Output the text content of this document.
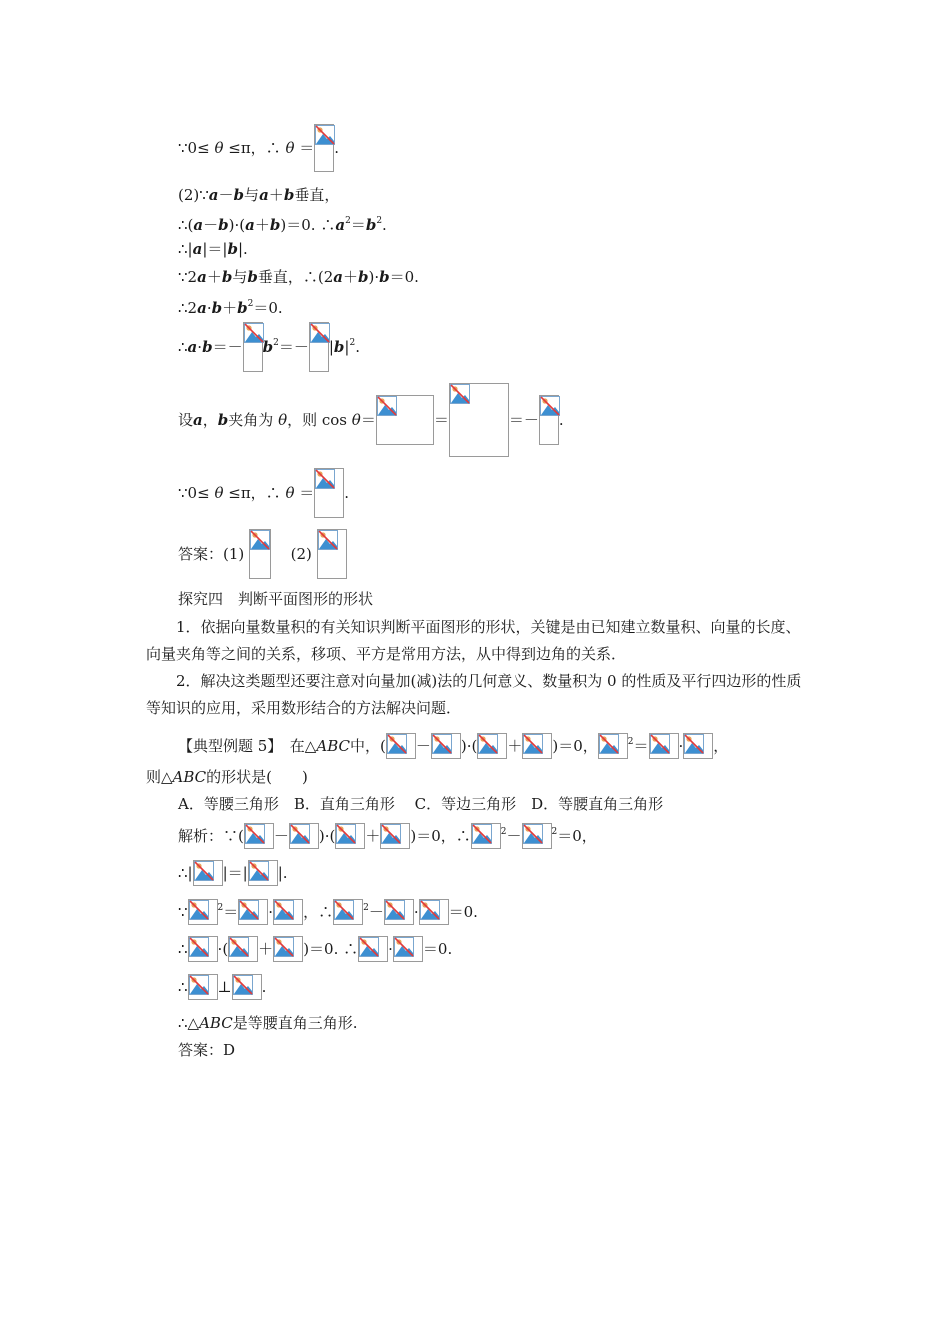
∵0≤ θ ≤π，∴ θ ＝ .
(2)∵a－b与a＋b垂直，
∴(a－b)·(a＋b)＝0. $\therefore a^2=b^2$.
∴|a|＝|b|.
∵2a＋b与b垂直，∴(2a＋b)·b＝0.
$\therefore 2a\cdot b+b^2=0$.
∴a·b＝－ $b^2=- |b|^2$.
设a，b夹角为 θ，则 cos θ＝	＝	＝－ .
∵0≤ θ ≤π，∴ θ ＝ .
答案：(1)	(2)
探究四　判断平面图形的形状
1．依据向量数量积的有关知识判断平面图形的形状，关键是由已知建立数量积、向量的长度、向量夹角等之间的关系，移项、平方是常用方法，从中得到边角的关系．
2．解决这类题型还要注意对向量加(减)法的几何意义、数量积为 0 的性质及平行四边形的性质等知识的应用，采用数形结合的方法解决问题．
【典型例题 5】　在△ABC中，( － )·( ＋ )＝0，	$^2$＝ · ，
则△ABC的形状是(　　)
A．等腰三角形　B．直角三角形　 C．等边三角形　D．等腰直角三角形
解析：∵( － )·( ＋ )＝0，∴	$^2$－	$^2$＝0，
∴| |＝| |.
∵	$^2$＝ · ，∴	$^2$－ · ＝0.
∴ ·( ＋ )＝0. ∴ · ＝0.
∴ ⊥ .
∴△ABC是等腰直角三角形.
答案：D
